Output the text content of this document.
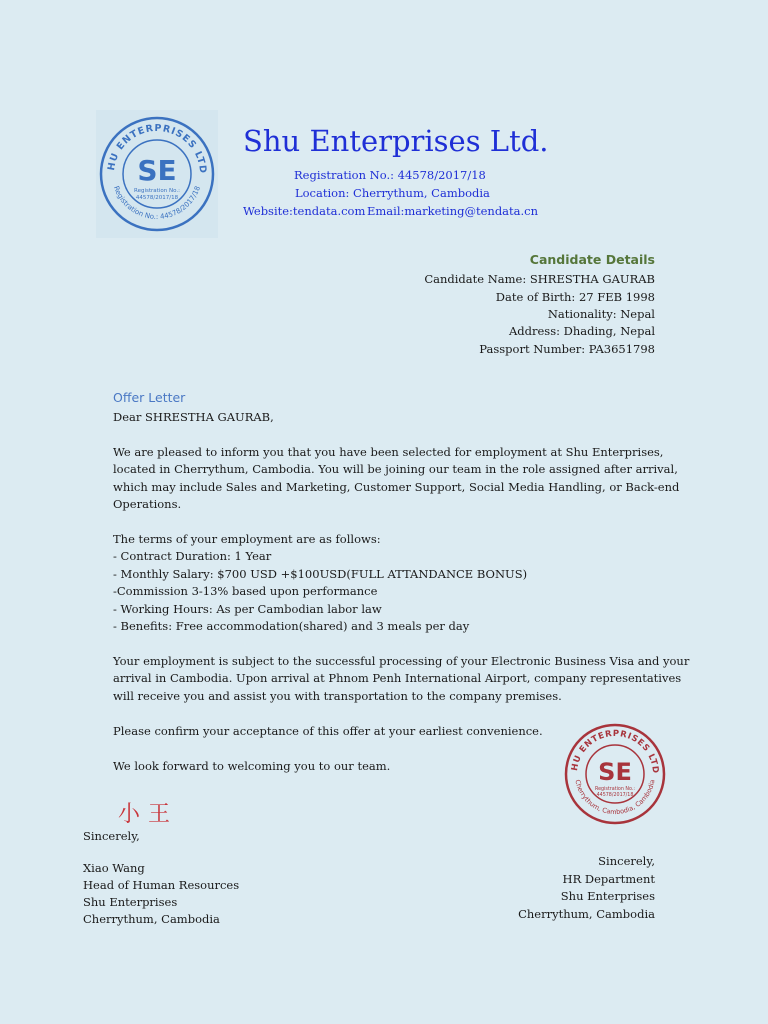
HU ENTERPRISES LTD
Registration No.: 44578/2017/18
SE
Registration No.:
44578/2017/18
Shu Enterprises Ltd.
Registration No.: 44578/2017/18
Location: Cherrythum, Cambodia
Website:tendata.com Email:marketing@tendata.cn
Candidate Details
Candidate Name: SHRESTHA GAURAB
Date of Birth: 27 FEB 1998
Nationality: Nepal
Address: Dhading, Nepal
Passport Number: PA3651798
Offer Letter
Dear SHRESTHA GAURAB,
We are pleased to inform you that you have been selected for employment at Shu Enterprises,
located in Cherrythum, Cambodia. You will be joining our team in the role assigned after arrival,
which may include Sales and Marketing, Customer Support, Social Media Handling, or Back-end
Operations.
The terms of your employment are as follows:
- Contract Duration: 1 Year
- Monthly Salary: $700 USD +$100USD(FULL ATTANDANCE BONUS)
-Commission 3-13% based upon performance
- Working Hours: As per Cambodian labor law
- Benefits: Free accommodation(shared) and 3 meals per day
Your employment is subject to the successful processing of your Electronic Business Visa and your
arrival in Cambodia. Upon arrival at Phnom Penh International Airport, company representatives
will receive you and assist you with transportation to the company premises.
Please confirm your acceptance of this offer at your earliest convenience.
We look forward to welcoming you to our team.
小王
Sincerely,
Xiao Wang
Head of Human Resources
Shu Enterprises
Cherrythum, Cambodia
HU ENTERPRISES LTD
Cherrythum, Cambodia, Cambodia
SE
Registration No.:
44578/2017/18
Sincerely,
HR Department
Shu Enterprises
Cherrythum, Cambodia
